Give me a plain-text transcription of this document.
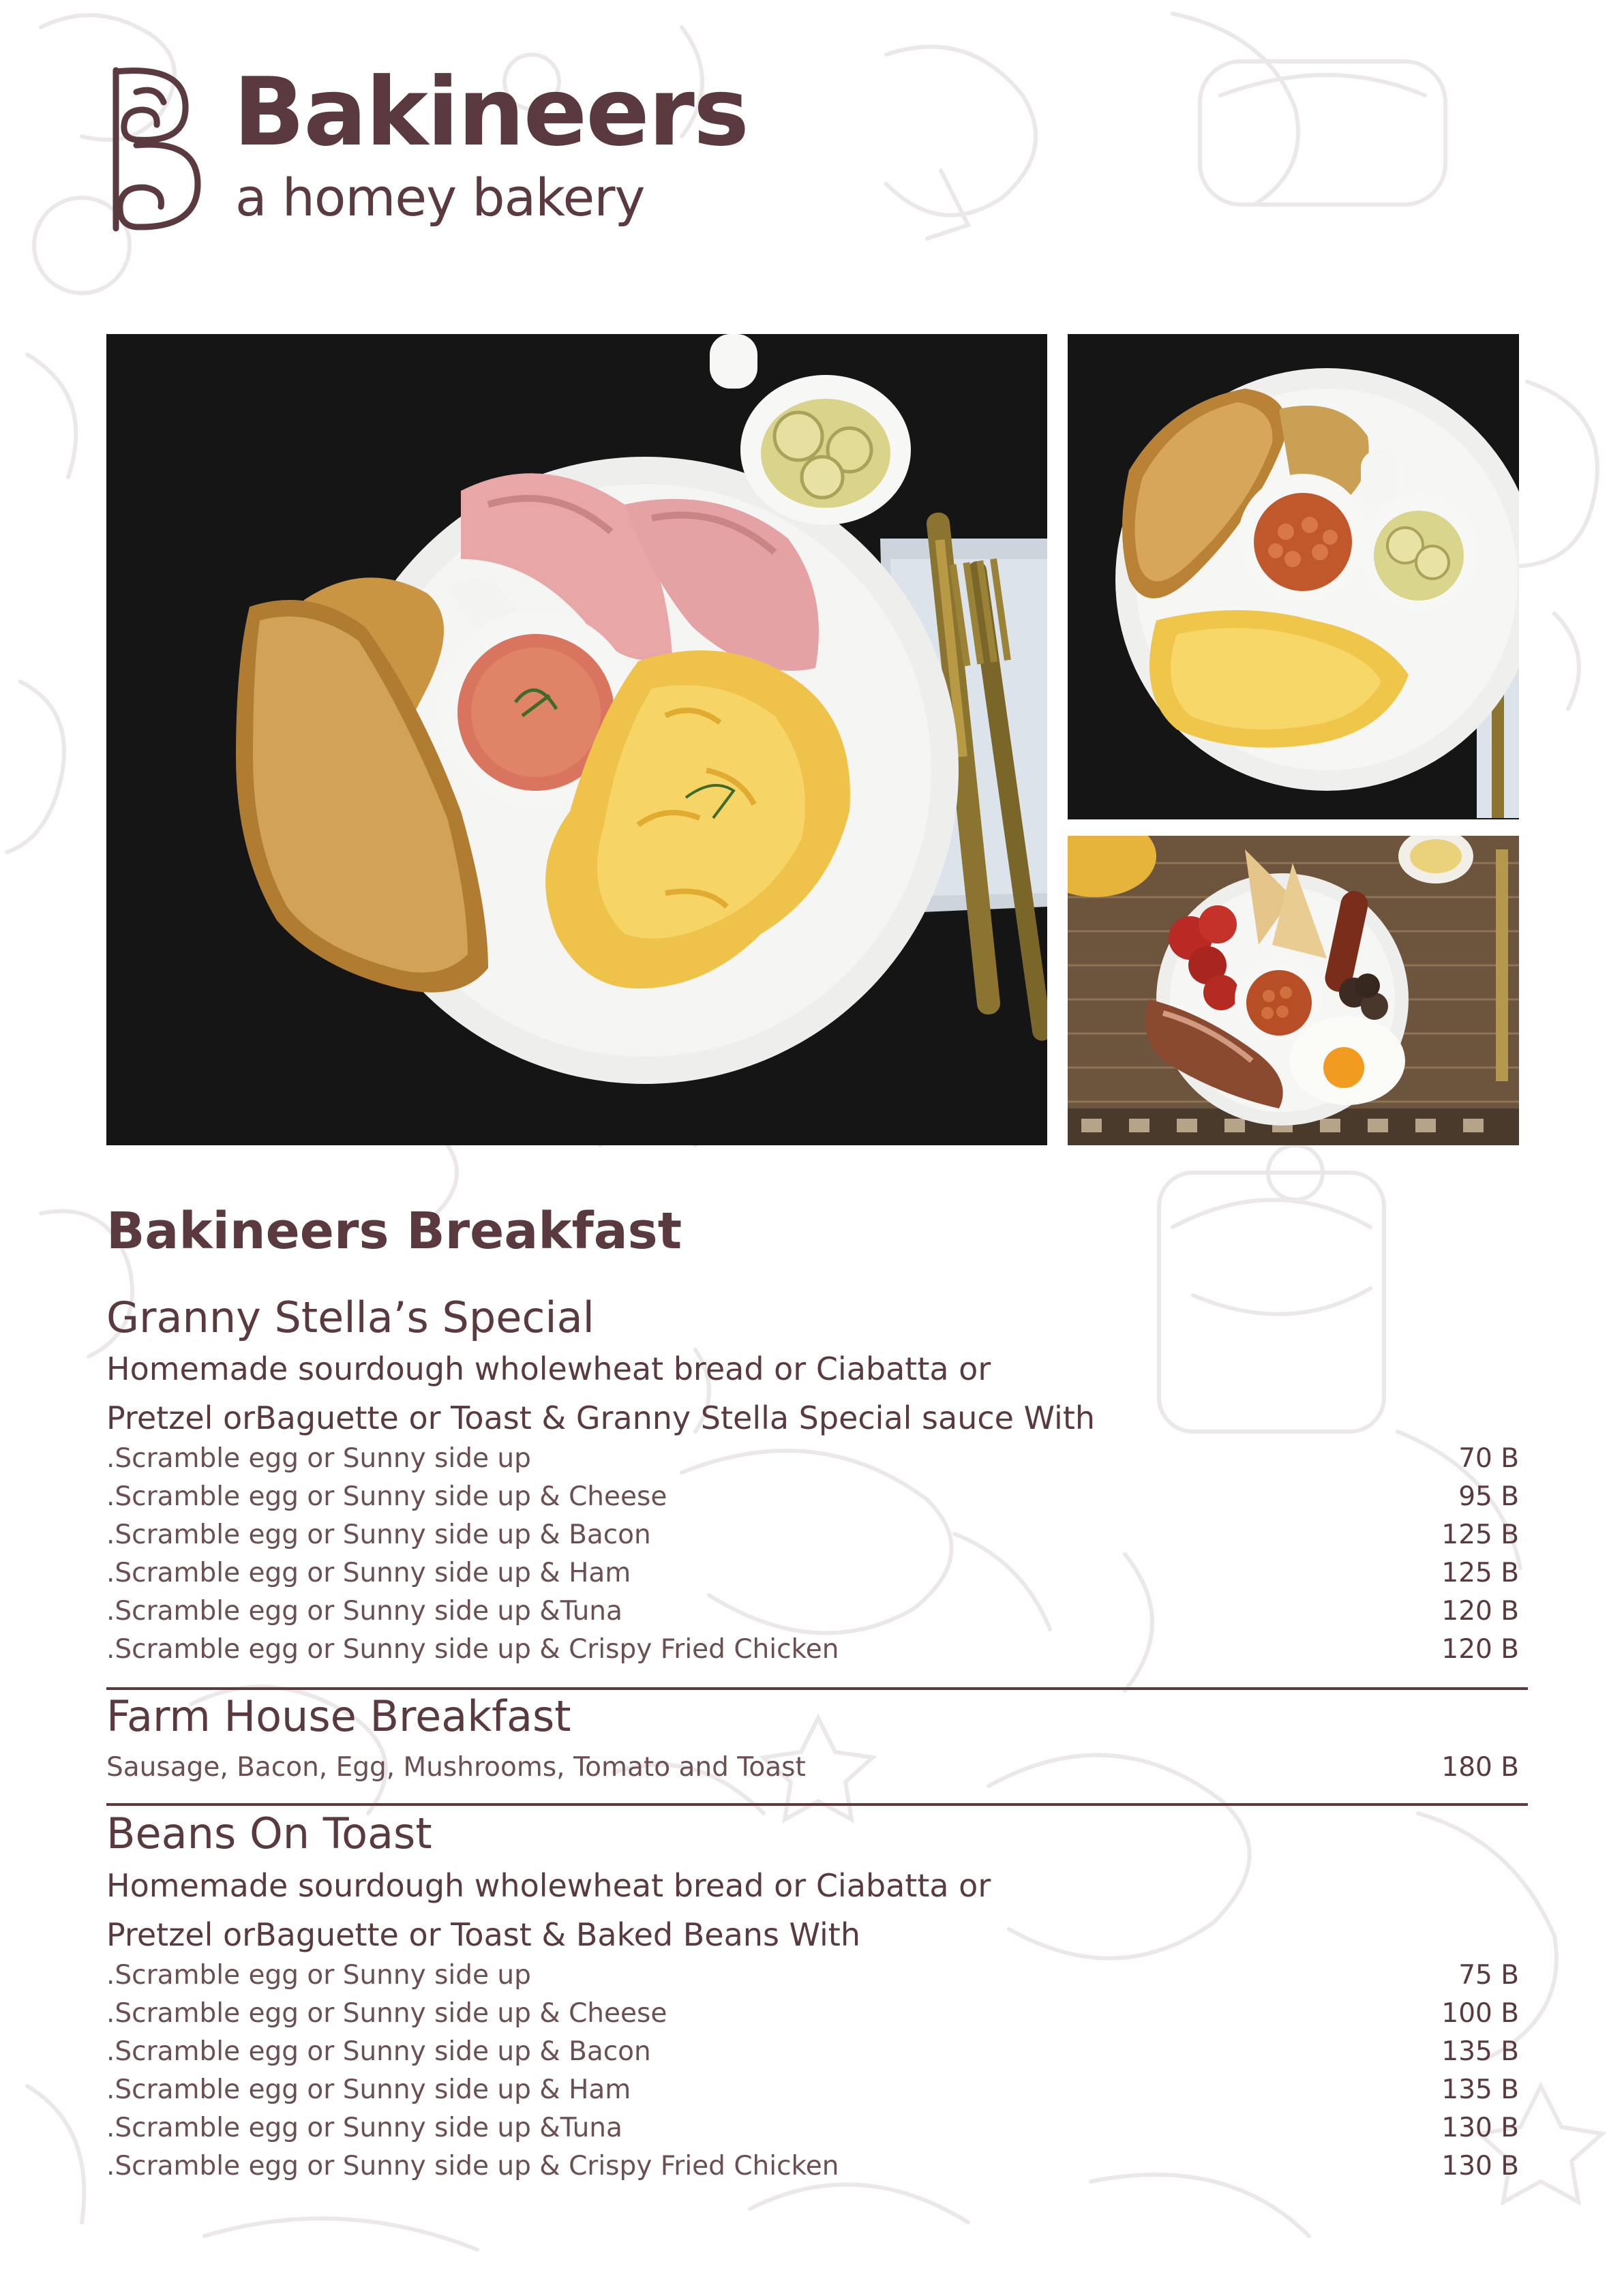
Bakineers
a homey bakery
Bakineers Breakfast
Granny Stella’s Special
Homemade sourdough wholewheat bread or Ciabatta or
Pretzel orBaguette or Toast & Granny Stella Special sauce With
.Scramble egg or Sunny side up	70 B
.Scramble egg or Sunny side up & Cheese	95 B
.Scramble egg or Sunny side up & Bacon	125 B
.Scramble egg or Sunny side up & Ham	125 B
.Scramble egg or Sunny side up &Tuna	120 B
.Scramble egg or Sunny side up & Crispy Fried Chicken	120 B
Farm House Breakfast
Sausage, Bacon, Egg, Mushrooms, Tomato and Toast	180 B
Beans On Toast
Homemade sourdough wholewheat bread or Ciabatta or
Pretzel orBaguette or Toast & Baked Beans With
.Scramble egg or Sunny side up	75 B
.Scramble egg or Sunny side up & Cheese	100 B
.Scramble egg or Sunny side up & Bacon	135 B
.Scramble egg or Sunny side up & Ham	135 B
.Scramble egg or Sunny side up &Tuna	130 B
.Scramble egg or Sunny side up & Crispy Fried Chicken	130 B
